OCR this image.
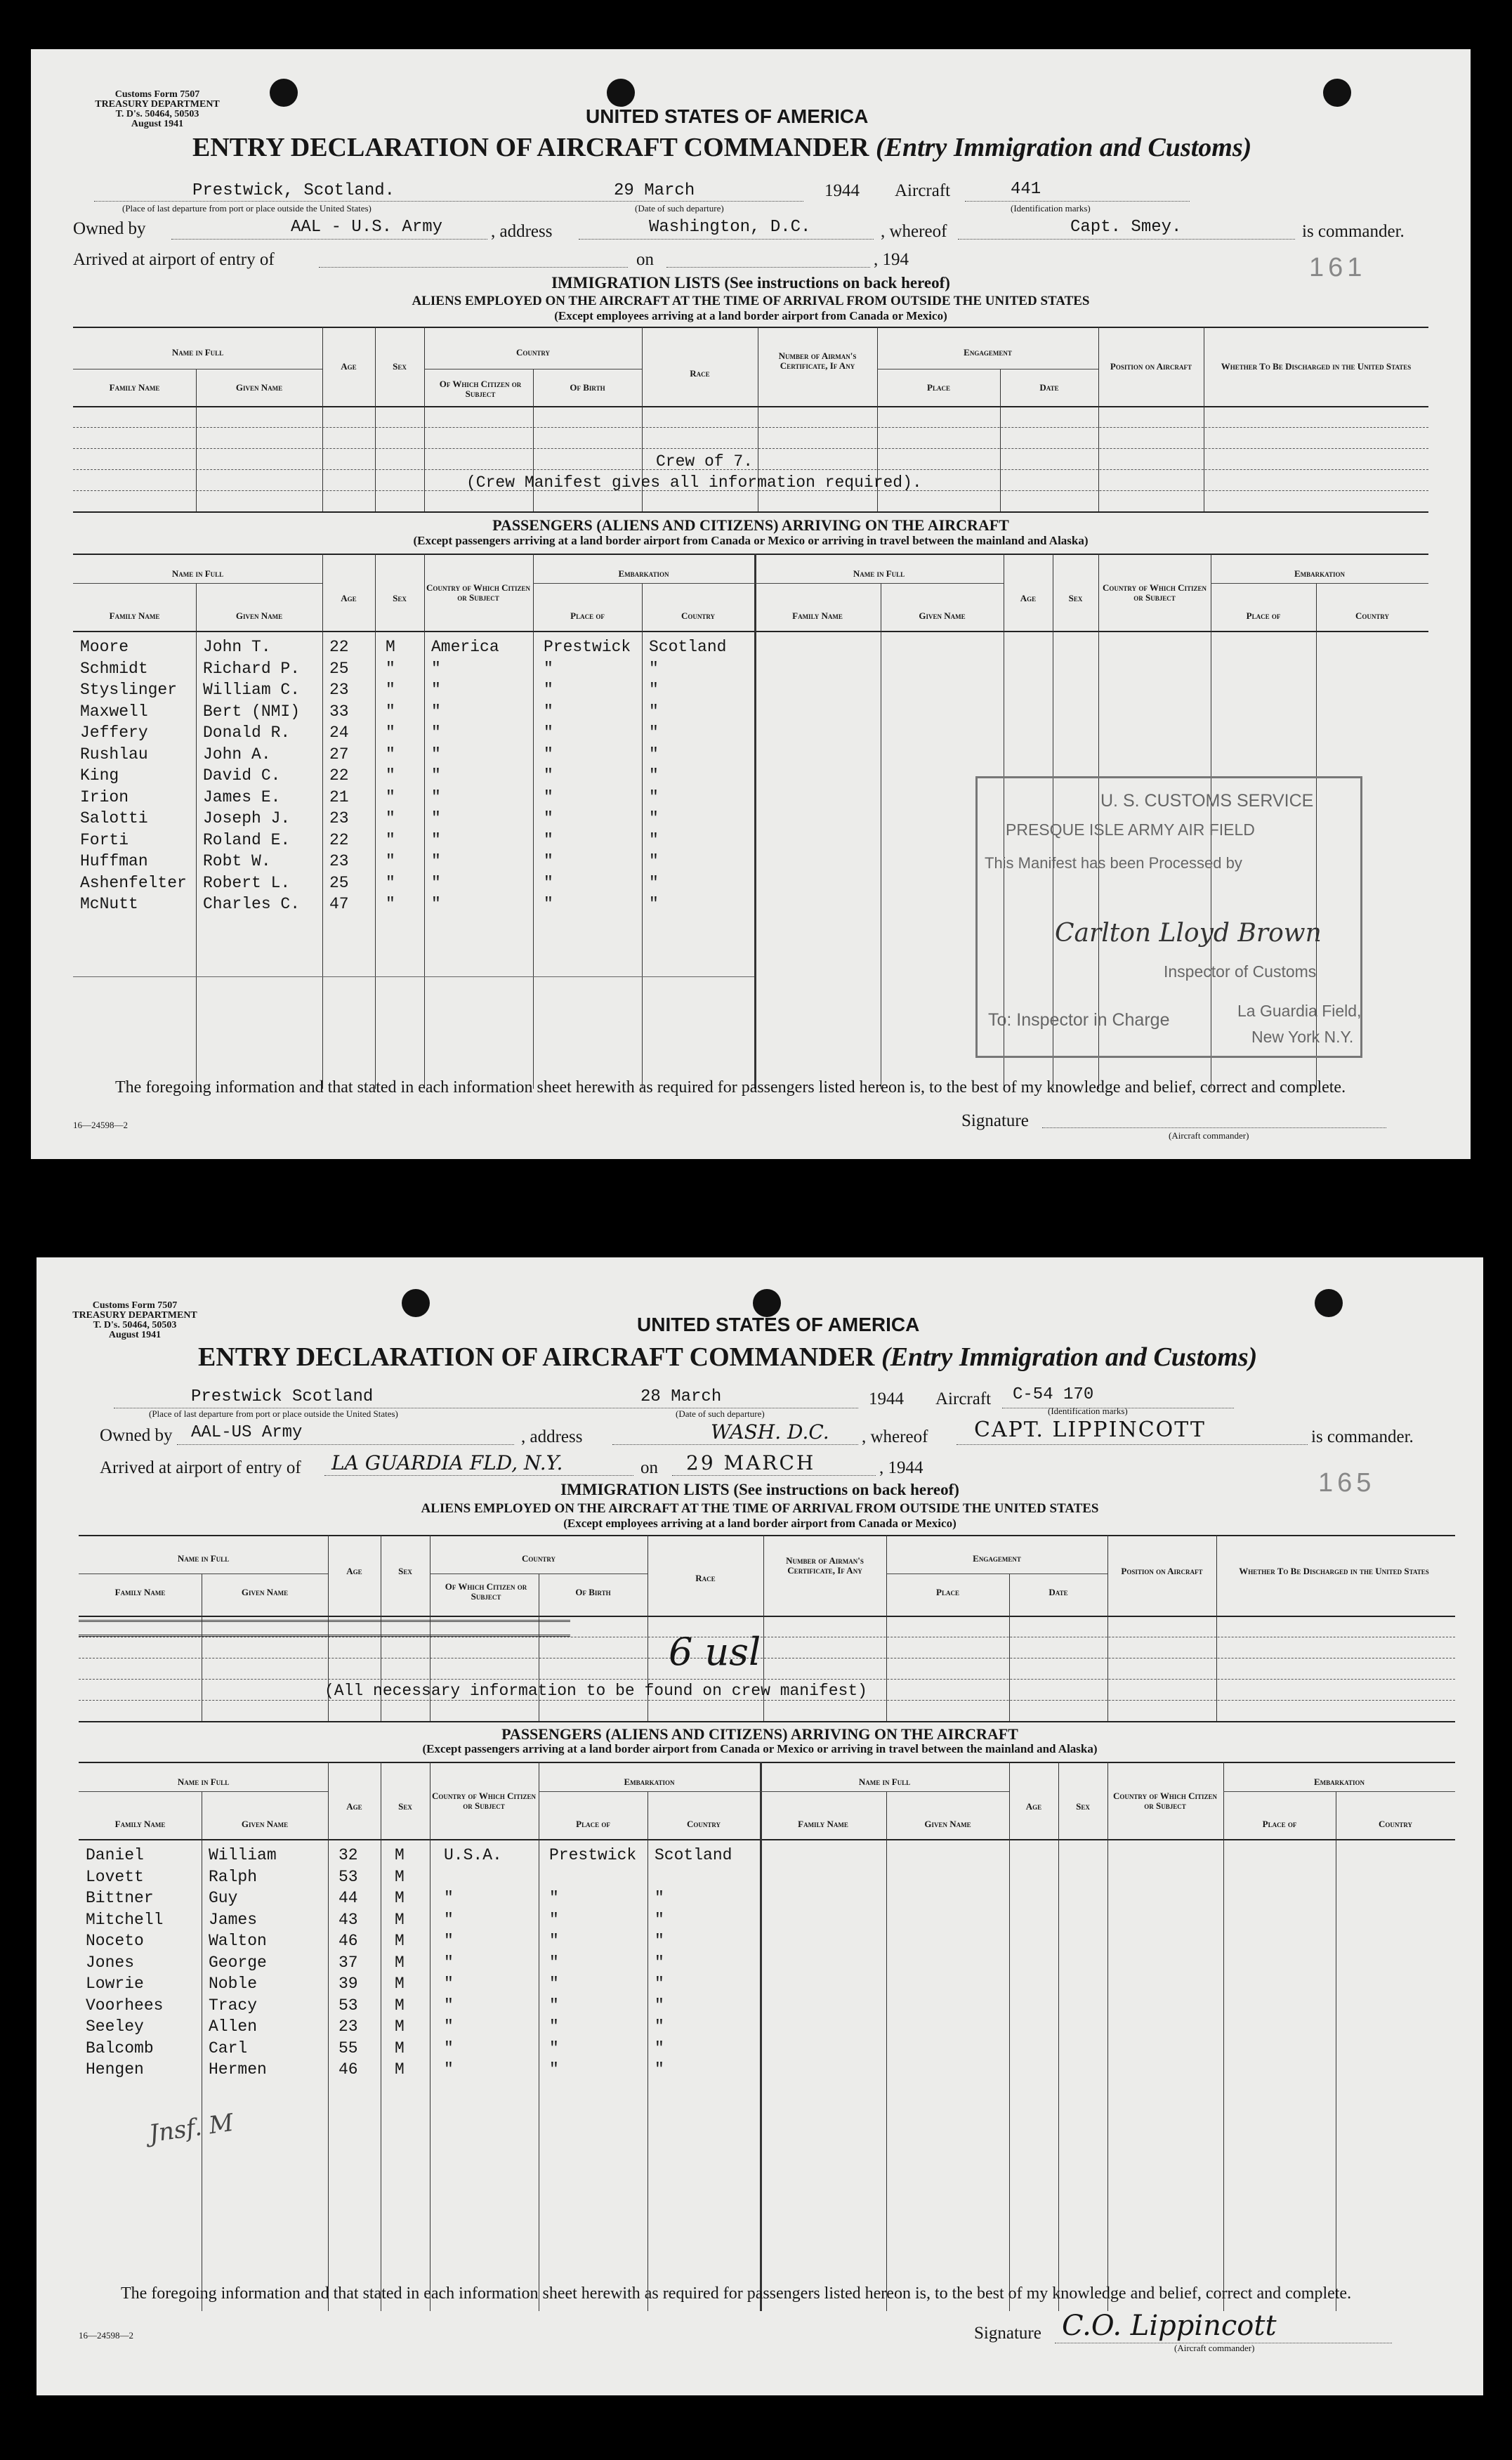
Customs Form 7507
TREASURY DEPARTMENT
T. D's. 50464, 50503
August 1941	UNITED STATES OF AMERICA
ENTRY DECLARATION OF AIRCRAFT COMMANDER (Entry Immigration and Customs)
Prestwick, Scotland.	29 March	1944 Aircraft	441
(Place of last departure from port or place outside the United States)	(Date of such departure)	(Identification marks)
Owned by	AAL - U.S. Army	, address	Washington, D.C.	, whereof	Capt. Smey.	is commander.
Arrived at airport of entry of	on	, 194	161
IMMIGRATION LISTS (See instructions on back hereof)
ALIENS EMPLOYED ON THE AIRCRAFT AT THE TIME OF ARRIVAL FROM OUTSIDE THE UNITED STATES
(Except employees arriving at a land border airport from Canada or Mexico)
Name in Full
Family Name	Given Name
Age	Sex
Country
Of Which Citizen or Subject
Of Birth
Race
Number of Airman's Certificate, If Any
Engagement
Place	Date
Position on Aircraft	Whether To Be Discharged in the United States
Crew of 7.
(Crew Manifest gives all information required).
PASSENGERS (ALIENS AND CITIZENS) ARRIVING ON THE AIRCRAFT
(Except passengers arriving at a land border airport from Canada or Mexico or arriving in travel between the mainland and Alaska)
Name in Full
Family Name	Given Name
Age	Sex
Country of Which Citizen or Subject
Embarkation
Place of	Country
Name in Full
Family Name	Given Name
Age	Sex
Country of Which Citizen or Subject
Embarkation
Place of	Country
Moore	John T.	22 M America	Prestwick Scotland
Schmidt	Richard P. 25 " "	"	"
Styslinger William C. 23 " "	"	"
Maxwell	Bert (NMI) 33 " "	"	"
Jeffery	Donald R. 24 " "	"	"
Rushlau	John A.	27 " "	"	"
King	David C.	22 " "	"	"
Irion	James E.	21 " "	"	"
Salotti	Joseph J. 23 " "	"	"
Forti	Roland E. 22 " "	"	"
Huffman	Robt W.	23 " "	"	"
Ashenfelter Robert L. 25 " "	"	"
McNutt	Charles C. 47 " "	"	"
U. S. CUSTOMS SERVICE
PRESQUE ISLE ARMY AIR FIELD
This Manifest has been Processed by
Carlton Lloyd Brown
Inspector of Customs
To: Inspector in Charge	La Guardia Field,
New York N.Y.
The foregoing information and that stated in each information sheet herewith as required for passengers listed hereon is, to the best of my knowledge and belief, correct and complete.
16—24598—2	Signature
(Aircraft commander)
Customs Form 7507
TREASURY DEPARTMENT
T. D's. 50464, 50503
August 1941	UNITED STATES OF AMERICA
ENTRY DECLARATION OF AIRCRAFT COMMANDER (Entry Immigration and Customs)
Prestwick Scotland	28 March	1944 Aircraft C-54 170
(Place of last departure from port or place outside the United States)	(Date of such departure)	(Identification marks)
Owned by AAL-US Army	, address	WASH. D.C. , whereof CAPT. LIPPINCOTT	is commander.
Arrived at airport of entry of LA GUARDIA FLD, N.Y.	on 29 MARCH	, 1944
165
IMMIGRATION LISTS (See instructions on back hereof)
ALIENS EMPLOYED ON THE AIRCRAFT AT THE TIME OF ARRIVAL FROM OUTSIDE THE UNITED STATES
(Except employees arriving at a land border airport from Canada or Mexico)
Name in Full
Family Name	Given Name
Age	Sex
Country
Of Which Citizen or Subject	Of Birth
Race
Number of Airman's Certificate, If Any
Engagement
Place	Date
Position on Aircraft	Whether To Be Discharged in the United States
6 usl
(All necessary information to be found on crew manifest)
PASSENGERS (ALIENS AND CITIZENS) ARRIVING ON THE AIRCRAFT
(Except passengers arriving at a land border airport from Canada or Mexico or arriving in travel between the mainland and Alaska)
Name in Full
Family Name	Given Name
Age	Sex
Country of Which Citizen or Subject
Embarkation
Place of	Country
Name in Full
Family Name	Given Name
Age	Sex
Country of Which Citizen or Subject
Embarkation
Place of	Country
Daniel	William	32 M U.S.A.	Prestwick Scotland
Lovett	Ralph	53 M
Bittner	Guy	44 M "	"	"
Mitchell	James	43 M "	"	"
Noceto	Walton	46 M "	"	"
Jones	George	37 M "	"	"
Lowrie	Noble	39 M "	"	"
Voorhees	Tracy	53 M "	"	"
Seeley	Allen	23 M "	"	"
Balcomb	Carl	55 M "	"	"
Hengen	Hermen	46 M "	"	"
Jnsf. M
The foregoing information and that stated in each information sheet herewith as required for passengers listed hereon is, to the best of my knowledge and belief, correct and complete.
16—24598—2	Signature C.O. Lippincott
(Aircraft commander)
